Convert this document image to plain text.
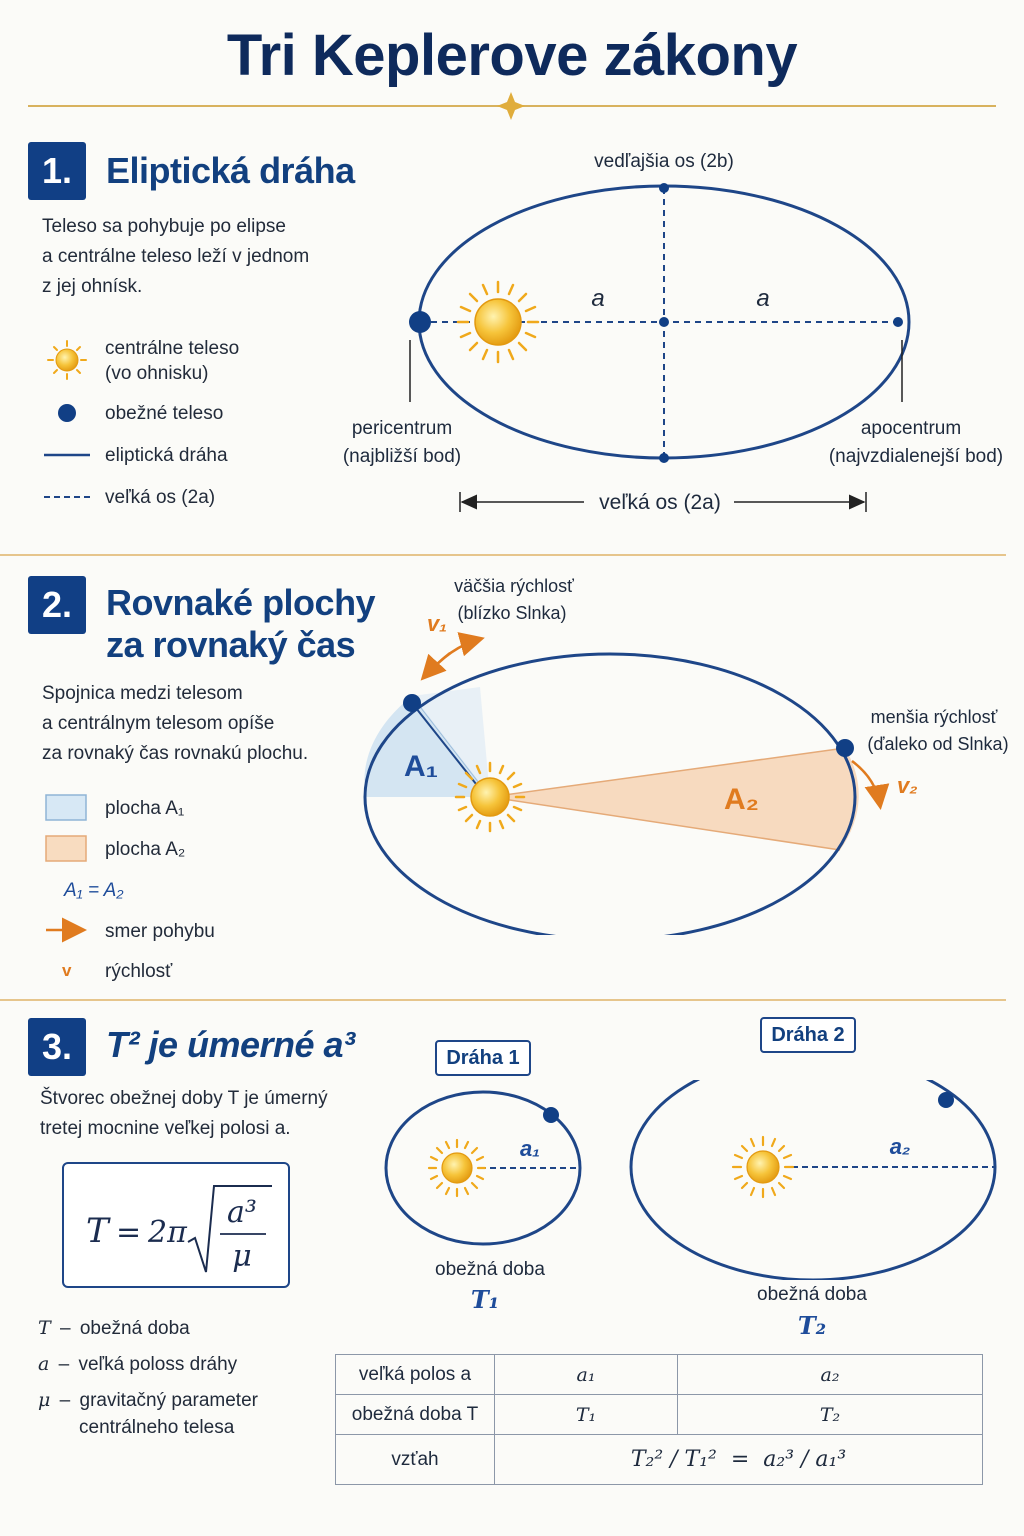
Tri Keplerove zákony
1. Eliptická dráha
Teleso sa pohybuje po elipse
a centrálne teleso leží v jednom
z jej ohnísk.
centrálne teleso
(vo ohnisku)
obežné teleso
eliptická dráha
veľká os (2a)
vedľajšia os (2b)
a	a
pericentrum
(najbližší bod)
apocentrum
(najvzdialenejší bod)
veľká os (2a)
2. Rovnaké plochy
za rovnaký čas
Spojnica medzi telesom
a centrálnym telesom opíše
za rovnaký čas rovnakú plochu.
v
plocha A₁
plocha A₂
A₁ = A₂
smer pohybu
rýchlosť
v₁
v₂
A₁
A₂
väčšia rýchlosť
(blízko Slnka)
menšia rýchlosť
(ďaleko od Slnka)
3. T² je úmerné a³
Štvorec obežnej doby T je úmerný
tretej mocnine veľkej polosi a.
T = 2π
a³
μ
T – obežná doba
a – veľká poloss dráhy
μ – gravitačný parameter
centrálneho telesa
Dráha 1
Dráha 2
a₁	a₂
obežná doba
T₁	obežná doba
T₂
veľká polos a	a₁	a₂
obežná doba T	T₁	T₂
vzťah	T₂² / T₁²  =  a₂³ / a₁³	
